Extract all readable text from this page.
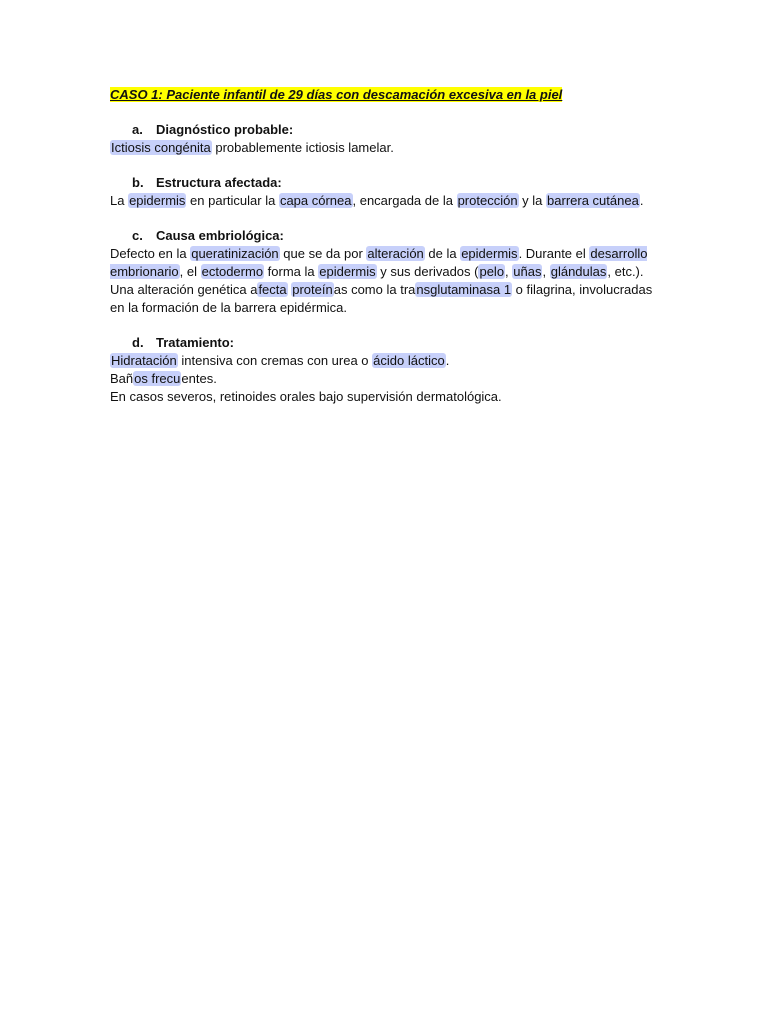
CASO 1: Paciente infantil de 29 días con descamación excesiva en la piel
a. Diagnóstico probable:

Ictiosis congénita probablemente ictiosis lamelar.

b. Estructura afectada:

La epidermis en particular la capa córnea, encargada de la protección y la barrera cutánea.

c. Causa embriológica:

Defecto en la queratinización que se da por alteración de la epidermis. Durante el desarrollo embrionario, el ectodermo forma la epidermis y sus derivados (pelo, uñas, glándulas, etc.). Una alteración genética afecta proteínas como la transglutaminasa 1 o filagrina, involucradas en la formación de la barrera epidérmica.

d. Tratamiento:

Hidratación intensiva con cremas con urea o ácido láctico.

Baños frecuentes.

En casos severos, retinoides orales bajo supervisión dermatológica.
